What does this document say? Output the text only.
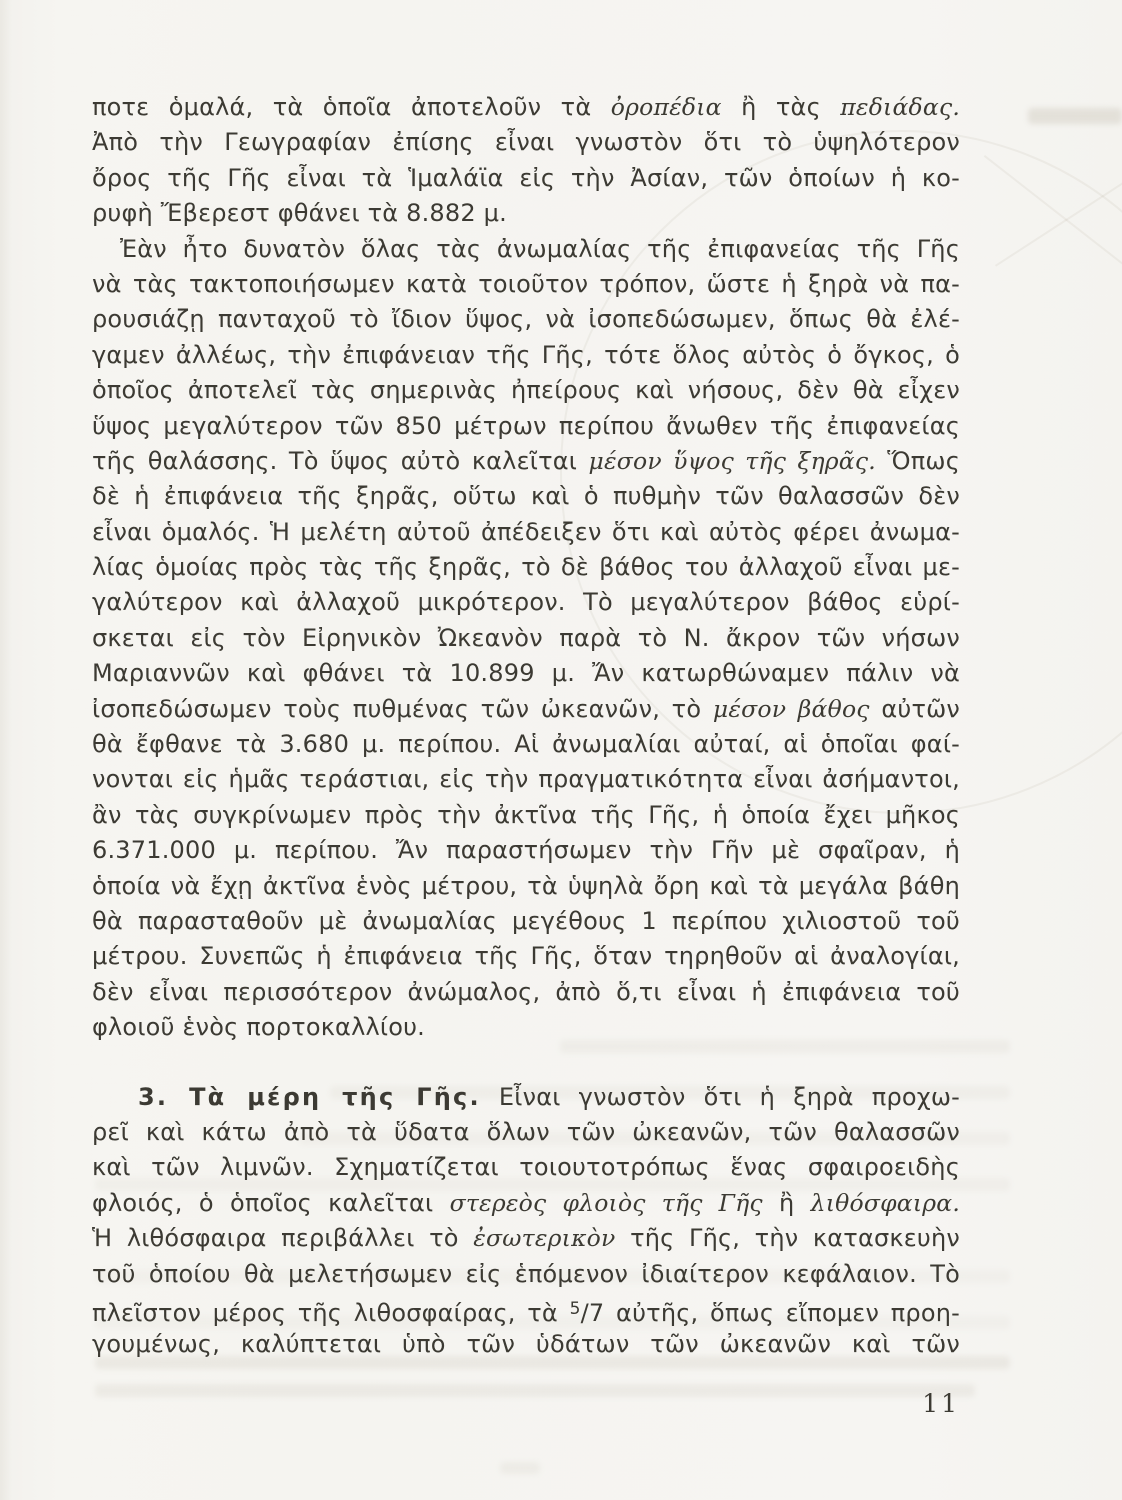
ποτε ὁμαλά, τὰ ὁποῖα ἀποτελοῦν τὰ ὀροπέδια ἢ τὰς πεδιάδας.
Ἀπὸ τὴν Γεωγραφίαν ἐπίσης εἶναι γνωστὸν ὅτι τὸ ὑψηλότερον
ὄρος τῆς Γῆς εἶναι τὰ Ἱμαλάϊα εἰς τὴν Ἀσίαν, τῶν ὁποίων ἡ κο-
ρυφὴ Ἔβερεστ φθάνει τὰ 8.882 μ.
Ἐὰν ἦτο δυνατὸν ὅλας τὰς ἀνωμαλίας τῆς ἐπιφανείας τῆς Γῆς
νὰ τὰς τακτοποιήσωμεν κατὰ τοιοῦτον τρόπον, ὥστε ἡ ξηρὰ νὰ πα-
ρουσιάζῃ πανταχοῦ τὸ ἴδιον ὕψος, νὰ ἰσοπεδώσωμεν, ὅπως θὰ ἐλέ-
γαμεν ἀλλέως, τὴν ἐπιφάνειαν τῆς Γῆς, τότε ὅλος αὐτὸς ὁ ὄγκος, ὁ
ὁποῖος ἀποτελεῖ τὰς σημερινὰς ἠπείρους καὶ νήσους, δὲν θὰ εἶχεν
ὕψος μεγαλύτερον τῶν 850 μέτρων περίπου ἄνωθεν τῆς ἐπιφανείας
τῆς θαλάσσης. Τὸ ὕψος αὐτὸ καλεῖται μέσον ὕψος τῆς ξηρᾶς. Ὅπως
δὲ ἡ ἐπιφάνεια τῆς ξηρᾶς, οὕτω καὶ ὁ πυθμὴν τῶν θαλασσῶν δὲν
εἶναι ὁμαλός. Ἡ μελέτη αὐτοῦ ἀπέδειξεν ὅτι καὶ αὐτὸς φέρει ἀνωμα-
λίας ὁμοίας πρὸς τὰς τῆς ξηρᾶς, τὸ δὲ βάθος του ἀλλαχοῦ εἶναι με-
γαλύτερον καὶ ἀλλαχοῦ μικρότερον. Τὸ μεγαλύτερον βάθος εὑρί-
σκεται εἰς τὸν Εἰρηνικὸν Ὠκεανὸν παρὰ τὸ Ν. ἄκρον τῶν νήσων
Μαριαννῶν καὶ φθάνει τὰ 10.899 μ. Ἄν κατωρθώναμεν πάλιν νὰ
ἰσοπεδώσωμεν τοὺς πυθμένας τῶν ὠκεανῶν, τὸ μέσον βάθος αὐτῶν
θὰ ἔφθανε τὰ 3.680 μ. περίπου. Αἱ ἀνωμαλίαι αὐταί, αἱ ὁποῖαι φαί-
νονται εἰς ἡμᾶς τεράστιαι, εἰς τὴν πραγματικότητα εἶναι ἀσήμαντοι,
ἂν τὰς συγκρίνωμεν πρὸς τὴν ἀκτῖνα τῆς Γῆς, ἡ ὁποία ἔχει μῆκος
6.371.000 μ. περίπου. Ἄν παραστήσωμεν τὴν Γῆν μὲ σφαῖραν, ἡ
ὁποία νὰ ἔχῃ ἀκτῖνα ἑνὸς μέτρου, τὰ ὑψηλὰ ὄρη καὶ τὰ μεγάλα βάθη
θὰ παρασταθοῦν μὲ ἀνωμαλίας μεγέθους 1 περίπου χιλιοστοῦ τοῦ
μέτρου. Συνεπῶς ἡ ἐπιφάνεια τῆς Γῆς, ὅταν τηρηθοῦν αἱ ἀναλογίαι,
δὲν εἶναι περισσότερον ἀνώμαλος, ἀπὸ ὅ,τι εἶναι ἡ ἐπιφάνεια τοῦ
φλοιοῦ ἑνὸς πορτοκαλλίου.
3. Τὰ μέρη τῆς Γῆς. Εἶναι γνωστὸν ὅτι ἡ ξηρὰ προχω-
ρεῖ καὶ κάτω ἀπὸ τὰ ὕδατα ὅλων τῶν ὠκεανῶν, τῶν θαλασσῶν
καὶ τῶν λιμνῶν. Σχηματίζεται τοιουτοτρόπως ἕνας σφαιροειδὴς
φλοιός, ὁ ὁποῖος καλεῖται στερεὸς φλοιὸς τῆς Γῆς ἢ λιθόσφαιρα.
Ἡ λιθόσφαιρα περιβάλλει τὸ ἐσωτερικὸν τῆς Γῆς, τὴν κατασκευὴν
τοῦ ὁποίου θὰ μελετήσωμεν εἰς ἑπόμενον ἰδιαίτερον κεφάλαιον. Τὸ
πλεῖστον μέρος τῆς λιθοσφαίρας, τὰ $^5$/7 αὐτῆς, ὅπως εἴπομεν προη-
γουμένως, καλύπτεται ὑπὸ τῶν ὑδάτων τῶν ὠκεανῶν καὶ τῶν
11
